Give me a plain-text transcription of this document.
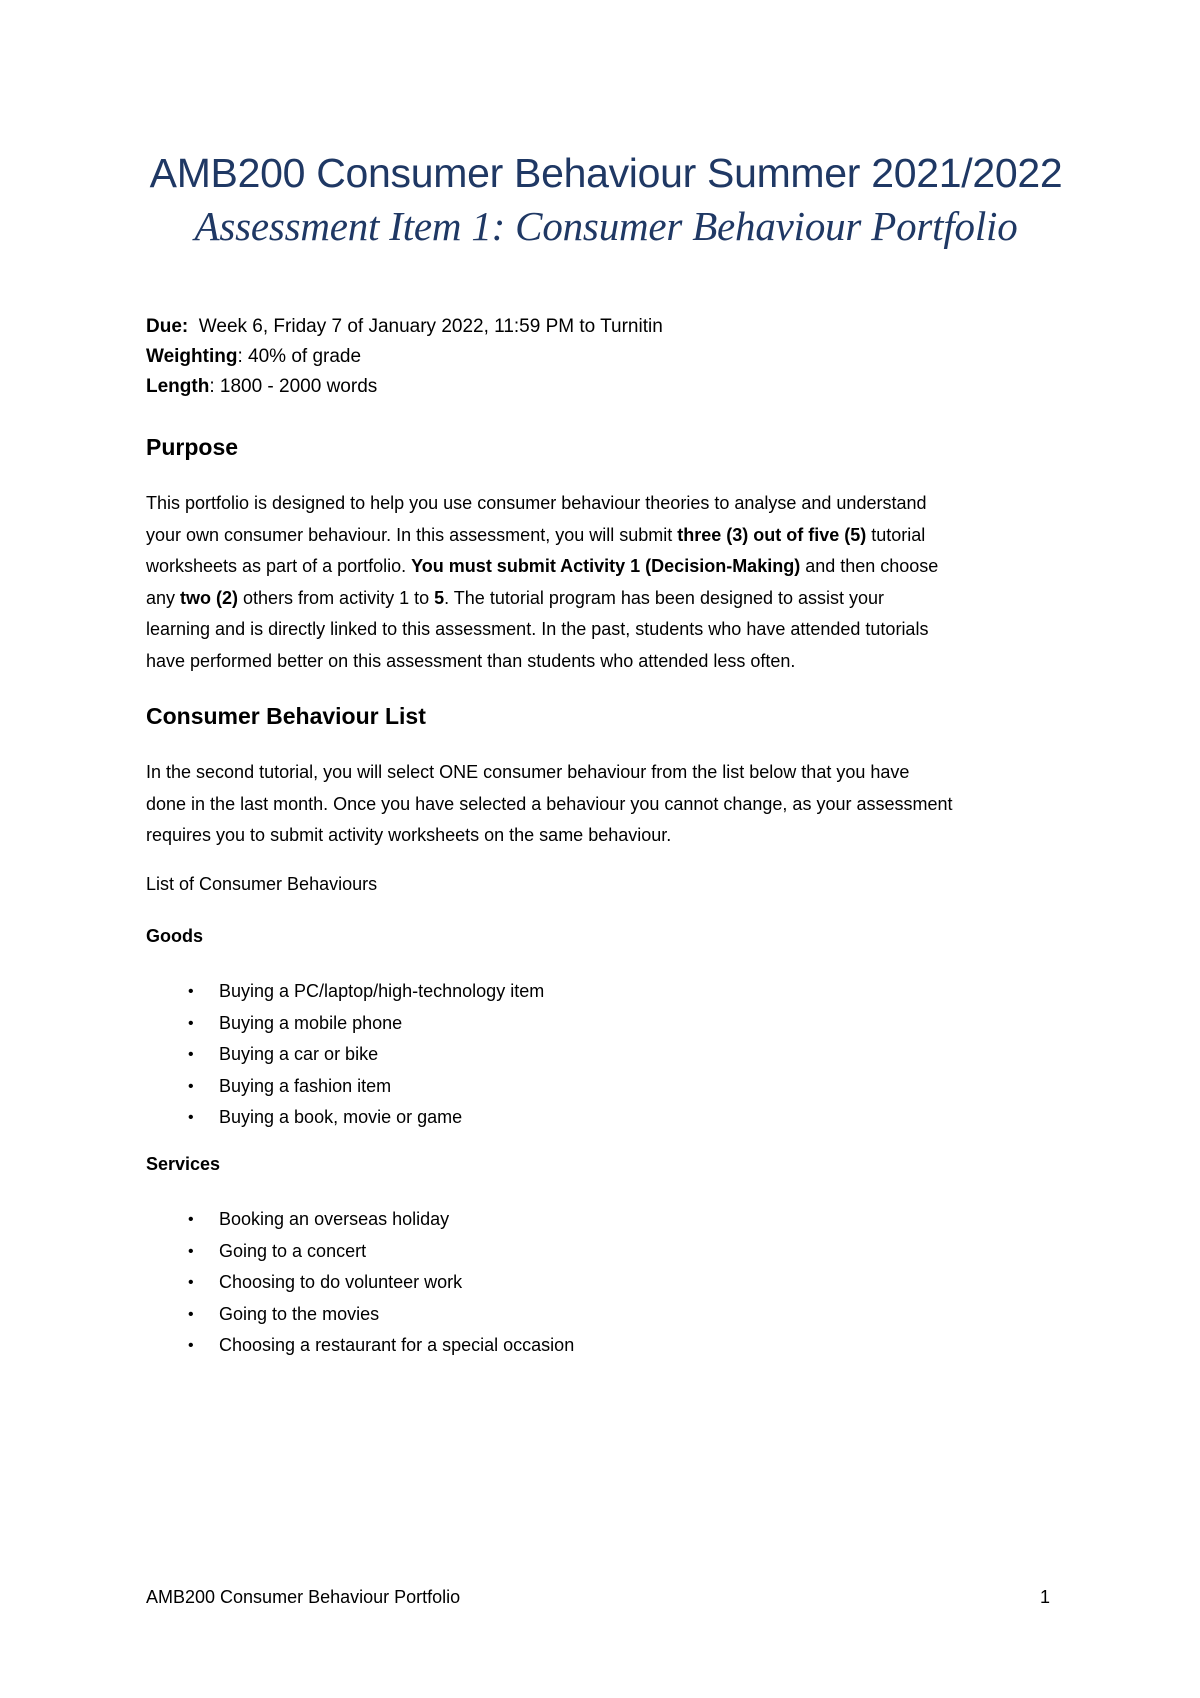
AMB200 Consumer Behaviour Summer 2021/2022
Assessment Item 1: Consumer Behaviour Portfolio
Due: Week 6, Friday 7 of January 2022, 11:59 PM to Turnitin
Weighting: 40% of grade
Length: 1800 - 2000 words
Purpose
This portfolio is designed to help you use consumer behaviour theories to analyse and understand
your own consumer behaviour. In this assessment, you will submit three (3) out of five (5) tutorial
worksheets as part of a portfolio. You must submit Activity 1 (Decision-Making) and then choose
any two (2) others from activity 1 to 5. The tutorial program has been designed to assist your
learning and is directly linked to this assessment. In the past, students who have attended tutorials
have performed better on this assessment than students who attended less often.
Consumer Behaviour List
In the second tutorial, you will select ONE consumer behaviour from the list below that you have
done in the last month. Once you have selected a behaviour you cannot change, as your assessment
requires you to submit activity worksheets on the same behaviour.
List of Consumer Behaviours
Goods
• Buying a PC/laptop/high-technology item
• Buying a mobile phone
• Buying a car or bike
• Buying a fashion item
• Buying a book, movie or game
Services
• Booking an overseas holiday
• Going to a concert
• Choosing to do volunteer work
• Going to the movies
• Choosing a restaurant for a special occasion
AMB200 Consumer Behaviour Portfolio	1
